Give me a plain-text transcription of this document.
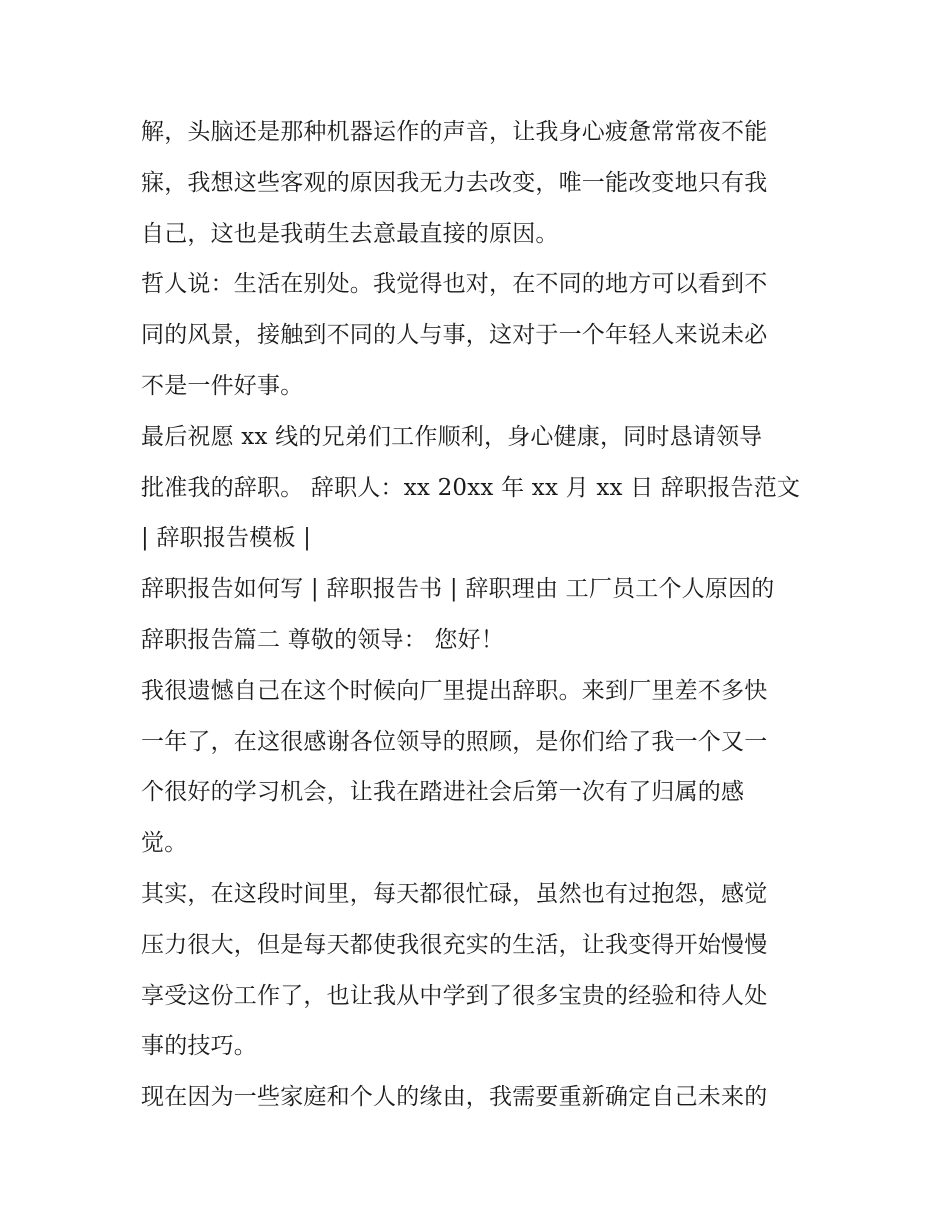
解，头脑还是那种机器运作的声音，让我身心疲惫常常夜不能
寐，我想这些客观的原因我无力去改变，唯一能改变地只有我
自己，这也是我萌生去意最直接的原因。
哲人说：生活在别处。我觉得也对，在不同的地方可以看到不
同的风景，接触到不同的人与事，这对于一个年轻人来说未必
不是一件好事。
最后祝愿 xx 线的兄弟们工作顺利，身心健康，同时恳请领导
批准我的辞职。 辞职人：xx 20xx 年 xx 月 xx 日 辞职报告范文
| 辞职报告模板 |
辞职报告如何写 | 辞职报告书 | 辞职理由 工厂员工个人原因的
辞职报告篇二 尊敬的领导： 您好！
我很遗憾自己在这个时候向厂里提出辞职。来到厂里差不多快
一年了，在这很感谢各位领导的照顾，是你们给了我一个又一
个很好的学习机会，让我在踏进社会后第一次有了归属的感
觉。
其实，在这段时间里，每天都很忙碌，虽然也有过抱怨，感觉
压力很大，但是每天都使我很充实的生活，让我变得开始慢慢
享受这份工作了，也让我从中学到了很多宝贵的经验和待人处
事的技巧。
现在因为一些家庭和个人的缘由，我需要重新确定自己未来的
